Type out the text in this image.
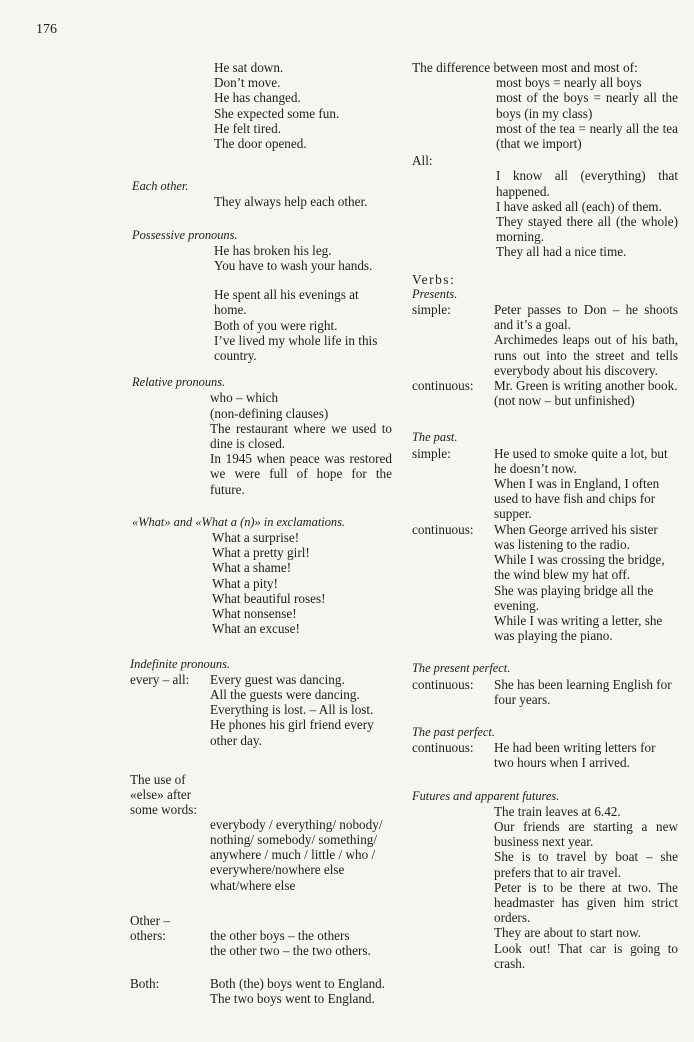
176
He sat down.
Don’t move.
He has changed.
She expected some fun.
He felt tired.
The door opened.
Each other.
They always help each other.
Possessive pronouns.
He has broken his leg.
You have to wash your hands.
He spent all his evenings at home.
Both of you were right.
I’ve lived my whole life in this country.
Relative pronouns.
who – which
(non-defining clauses)
The restaurant where we used to dine is closed.
In 1945 when peace was restored we were full of hope for the future.
«What» and «What a (n)» in exclamations.
What a surprise!
What a pretty girl!
What a shame!
What a pity!
What beautiful roses!
What nonsense!
What an excuse!
Indefinite pronouns.
every – all:	Every guest was dancing.
All the guests were dancing.
Everything is lost. – All is lost.
He phones his girl friend every other day.
The use of «else» after some words:
everybody / everything/ nobody/ nothing/ somebody/ something/ anywhere / much / little / who / everywhere/nowhere else
what/where else
Other – others:	the other boys – the others
the other two – the two others.
Both:	Both (the) boys went to England.
The two boys went to England.
The difference between most and most of:
most boys = nearly all boys
most of the boys = nearly all the boys (in my class)
most of the tea = nearly all the tea (that we import)
All:
I know all (everything) that happened.
I have asked all (each) of them.
They stayed there all (the whole) morning.
They all had a nice time.
Verbs:
Presents.
simple:	Peter passes to Don – he shoots and it’s a goal.
Archimedes leaps out of his bath, runs out into the street and tells everybody about his discovery.
continuous:	Mr. Green is writing another book. (not now – but unfinished)
The past.
simple:	He used to smoke quite a lot, but he doesn’t now.
When I was in England, I often used to have fish and chips for supper.
continuous:	When George arrived his sister was listening to the radio.
While I was crossing the bridge, the wind blew my hat off.
She was playing bridge all the evening.
While I was writing a letter, she was playing the piano.
The present perfect.
continuous:	She has been learning English for four years.
The past perfect.
continuous:	He had been writing letters for two hours when I arrived.
Futures and apparent futures.
The train leaves at 6.42.
Our friends are starting a new business next year.
She is to travel by boat – she prefers that to air travel.
Peter is to be there at two. The headmaster has given him strict orders.
They are about to start now.
Look out! That car is going to crash.
